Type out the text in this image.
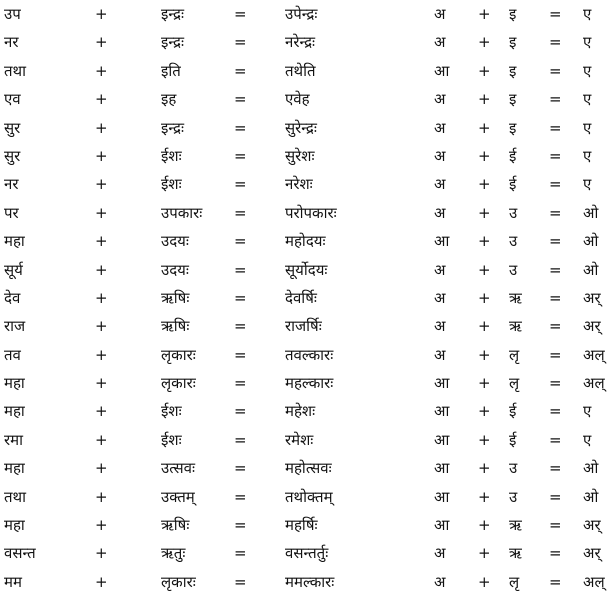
उप	+	इन्द्रः	=	उपेन्द्रः	अ + इ = ए
नर	+	इन्द्रः	=	नरेन्द्रः	अ + इ = ए
तथा	+	इति	=	तथेति	आ + इ = ए
एव	+	इह	=	एवेह	अ + इ = ए
सुर	+	इन्द्रः	=	सुरेन्द्रः	अ + इ = ए
सुर	+	ईशः	=	सुरेशः	अ + ई = ए
नर	+	ईशः	=	नरेशः	अ + ई = ए
पर	+	उपकारः =	परोपकारः	अ + उ = ओ
महा	+	उदयः	=	महोदयः	आ + उ = ओ
सूर्य	+	उदयः	=	सूर्योदयः	अ + उ = ओ
देव	+	ऋषिः	=	देवर्षिः	अ + ऋ = अर्
राज	+	ऋषिः	=	राजर्षिः	अ + ऋ = अर्
तव	+	लृकारः	=	तवल्कारः	अ + लृ = अल्
महा	+	लृकारः	=	महल्कारः	आ + लृ = अल्
महा	+	ईशः	=	महेशः	आ + ई = ए
रमा	+	ईशः	=	रमेशः	आ + ई = ए
महा	+	उत्सवः	=	महोत्सवः	आ + उ = ओ
तथा	+	उक्तम्	=	तथोक्तम्	आ + उ = ओ
महा	+	ऋषिः	=	महर्षिः	आ + ऋ = अर्
वसन्त	+	ऋतुः	=	वसन्तर्तुः	अ + ऋ = अर्
मम	+	लृकारः	=	ममल्कारः	अ + लृ = अल्
